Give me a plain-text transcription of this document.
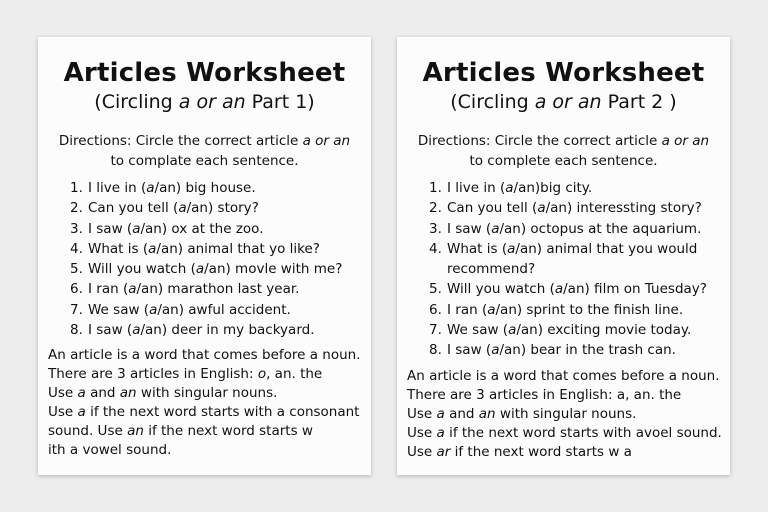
Articles Worksheet
(Circling a or an Part 1)
Directions: Circle the correct article a or an
to complate each sentence.
1. I live in (a/an) big house.
2. Can you tell (a/an) story?
3. I saw (a/an) ox at the zoo.
4. What is (a/an) animal that yo like?
5. Will you watch (a/an) movle with me?
6. I ran (a/an) marathon last year.
7. We saw (a/an) awful accident.
8. I saw (a/an) deer in my backyard.
An article is a word that comes before a noun.
There are 3 articles in English: o, an. the
Use a and an with singular nouns.
Use a if the next word starts with a consonant
sound. Use an if the next word starts w
ith a vowel sound.
Articles Worksheet
(Circling a or an Part 2 )
Directions: Circle the correct article a or an
to complete each sentence.
1. I live in (a/an)big city.
2. Can you tell (a/an) interessting story?
3. I saw (a/an) octopus at the aquarium.
4. What is (a/an) animal that you would
recommend?
5. Will you watch (a/an) film on Tuesday?
6. I ran (a/an) sprint to the finish line.
7. We saw (a/an) exciting movie today.
8. I saw (a/an) bear in the trash can.
An article is a word that comes before a noun.
There are 3 articles in English: a, an. the
Use a and an with singular nouns.
Use a if the next word starts with avoel sound.
Use ar if the next word starts w a
